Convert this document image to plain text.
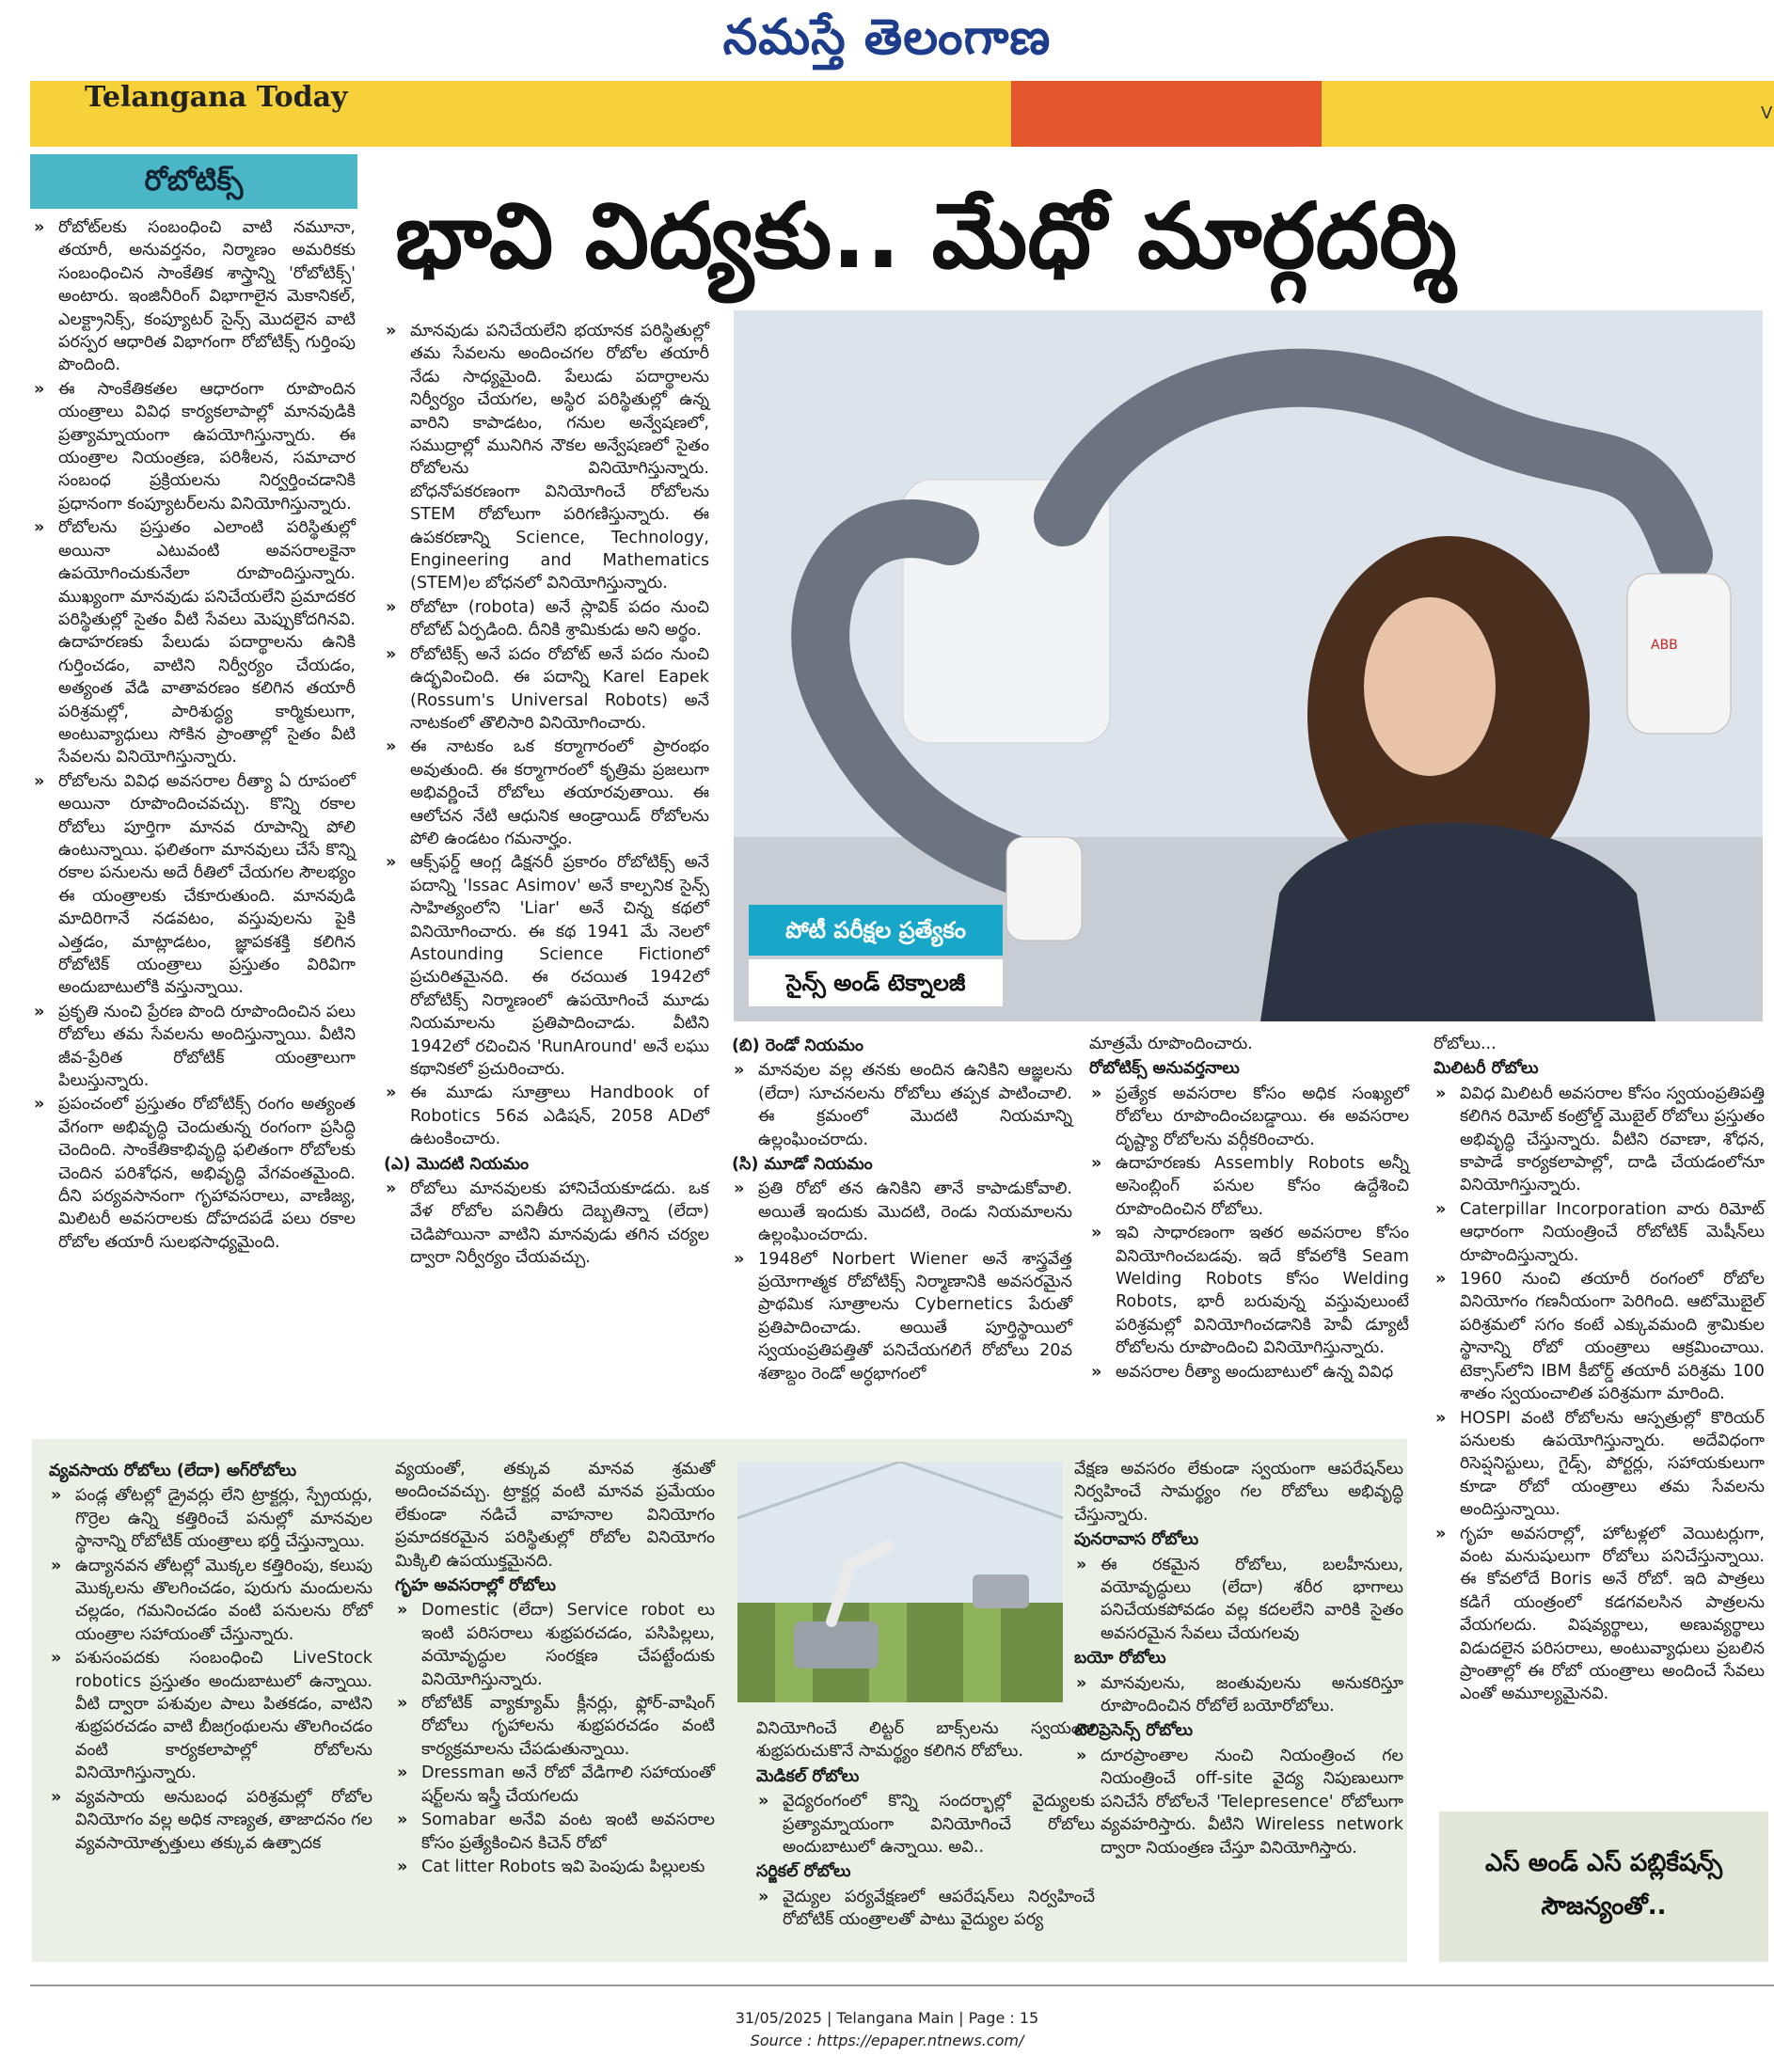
నమస్తే తెలంగాణ
Telangana Today	V
రోబోటిక్స్
భావి విద్యకు.. మేధో మార్గదర్శి
» రోబోట్‌లకు సంబంధించి వాటి నమూనా, తయారీ, అనువర్తనం, నిర్మాణం అమరికకు సంబంధించిన సాంకేతిక శాస్త్రాన్ని 'రోబోటిక్స్' అంటారు. ఇంజినీరింగ్ విభాగాలైన మెకానికల్, ఎలక్ట్రానిక్స్, కంప్యూటర్ సైన్స్ మొదలైన వాటి పరస్పర ఆధారిత విభాగంగా రోబోటిక్స్ గుర్తింపు పొందింది.
» ఈ సాంకేతికతల ఆధారంగా రూపొందిన యంత్రాలు వివిధ కార్యకలాపాల్లో మానవుడికి ప్రత్యామ్నాయంగా ఉపయోగిస్తున్నారు. ఈ యంత్రాల నియంత్రణ, పరిశీలన, సమాచార సంబంధ ప్రక్రియలను నిర్వర్తించడానికి ప్రధానంగా కంప్యూటర్‌లను వినియోగిస్తున్నారు.
» రోబోలను ప్రస్తుతం ఎలాంటి పరిస్థితుల్లో అయినా ఎటువంటి అవసరాలకైనా ఉపయోగించుకునేలా రూపొందిస్తున్నారు. ముఖ్యంగా మానవుడు పనిచేయలేని ప్రమాదకర పరిస్థితుల్లో సైతం వీటి సేవలు మెప్పుకోదగినవి. ఉదాహరణకు పేలుడు పదార్థాలను ఉనికి గుర్తించడం, వాటిని నిర్వీర్యం చేయడం, అత్యంత వేడి వాతావరణం కలిగిన తయారీ పరిశ్రమల్లో, పారిశుద్ధ్య కార్మికులుగా, అంటువ్యాధులు సోకిన ప్రాంతాల్లో సైతం వీటి సేవలను వినియోగిస్తున్నారు.
» రోబోలను వివిధ అవసరాల రీత్యా ఏ రూపంలో అయినా రూపొందించవచ్చు. కొన్ని రకాల రోబోలు పూర్తిగా మానవ రూపాన్ని పోలి ఉంటున్నాయి. ఫలితంగా మానవులు చేసే కొన్ని రకాల పనులను అదే రీతిలో చేయగల సౌలభ్యం ఈ యంత్రాలకు చేకూరుతుంది. మానవుడి మాదిరిగానే నడవటం, వస్తువులను పైకి ఎత్తడం, మాట్లాడటం, జ్ఞాపకశక్తి కలిగిన రోబోటిక్ యంత్రాలు ప్రస్తుతం విరివిగా అందుబాటులోకి వస్తున్నాయి.
» ప్రకృతి నుంచి ప్రేరణ పొంది రూపొందించిన పలు రోబోలు తమ సేవలను అందిస్తున్నాయి. వీటిని జీవ-ప్రేరిత రోబోటిక్ యంత్రాలుగా పిలుస్తున్నారు.
» ప్రపంచంలో ప్రస్తుతం రోబోటిక్స్ రంగం అత్యంత వేగంగా అభివృద్ధి చెందుతున్న రంగంగా ప్రసిద్ధి చెందింది. సాంకేతికాభివృద్ధి ఫలితంగా రోబోలకు చెందిన పరిశోధన, అభివృద్ధి వేగవంతమైంది. దీని పర్యవసానంగా గృహావసరాలు, వాణిజ్య, మిలిటరీ అవసరాలకు దోహదపడే పలు రకాల రోబోల తయారీ సులభసాధ్యమైంది.
» మానవుడు పనిచేయలేని భయానక పరిస్థితుల్లో తమ సేవలను అందించగల రోబోల తయారీ నేడు సాధ్యమైంది. పేలుడు పదార్థాలను నిర్వీర్యం చేయగల, అస్థిర పరిస్థితుల్లో ఉన్న వారిని కాపాడటం, గనుల అన్వేషణలో, సముద్రాల్లో మునిగిన నౌకల అన్వేషణలో సైతం రోబోలను వినియోగిస్తున్నారు. బోధనోపకరణంగా వినియోగించే రోబోలను STEM రోబోలుగా పరిగణిస్తున్నారు. ఈ ఉపకరణాన్ని Science, Technology, Engineering and Mathematics (STEM)ల బోధనలో వినియోగిస్తున్నారు.
» రోబోటా (robota) అనే స్లావిక్ పదం నుంచి రోబోట్ ఏర్పడింది. దీనికి శ్రామికుడు అని అర్థం.
» రోబోటిక్స్ అనే పదం రోబోట్ అనే పదం నుంచి ఉద్భవించింది. ఈ పదాన్ని Karel Eapek (Rossum's Universal Robots) అనే నాటకంలో తొలిసారి వినియోగించారు.
» ఈ నాటకం ఒక కర్మాగారంలో ప్రారంభం అవుతుంది. ఈ కర్మాగారంలో కృత్రిమ ప్రజలుగా అభివర్ణించే రోబోలు తయారవుతాయి. ఈ ఆలోచన నేటి ఆధునిక ఆండ్రాయిడ్ రోబోలను పోలి ఉండటం గమనార్హం.
» ఆక్స్‌ఫర్డ్ ఆంగ్ల డిక్షనరీ ప్రకారం రోబోటిక్స్ అనే పదాన్ని 'Issac Asimov' అనే కాల్పనిక సైన్స్ సాహిత్యంలోని 'Liar' అనే చిన్న కథలో వినియోగించారు. ఈ కథ 1941 మే నెలలో Astounding Science Fictionలో ప్రచురితమైనది. ఈ రచయిత 1942లో రోబోటిక్స్ నిర్మాణంలో ఉపయోగించే మూడు నియమాలను ప్రతిపాదించాడు. వీటిని 1942లో రచించిన 'RunAround' అనే లఘు కథానికలో ప్రచురించారు.
» ఈ మూడు సూత్రాలు Handbook of Robotics 56వ ఎడిషన్, 2058 ADలో ఉటంకించారు.
(ఎ) మొదటి నియమం
» రోబోలు మానవులకు హానిచేయకూడదు. ఒక వేళ రోబోల పనితీరు దెబ్బతిన్నా (లేదా) చెడిపోయినా వాటిని మానవుడు తగిన చర్యల ద్వారా నిర్వీర్యం చేయవచ్చు.
ABB
పోటీ పరీక్షల ప్రత్యేకం
సైన్స్ అండ్ టెక్నాలజీ
(బి) రెండో నియమం
» మానవుల వల్ల తనకు అందిన ఉనికిని ఆజ్ఞలను (లేదా) సూచనలను రోబోలు తప్పక పాటించాలి. ఈ క్రమంలో మొదటి నియమాన్ని ఉల్లంఘించరాదు.
(సి) మూడో నియమం
» ప్రతి రోబో తన ఉనికిని తానే కాపాడుకోవాలి. అయితే ఇందుకు మొదటి, రెండు నియమాలను ఉల్లంఘించరాదు.
» 1948లో Norbert Wiener అనే శాస్త్రవేత్త ప్రయోగాత్మక రోబోటిక్స్ నిర్మాణానికి అవసరమైన ప్రాథమిక సూత్రాలను Cybernetics పేరుతో ప్రతిపాదించాడు. అయితే పూర్తిస్థాయిలో స్వయంప్రతిపత్తితో పనిచేయగలిగే రోబోలు 20వ శతాబ్దం రెండో అర్ధభాగంలో
మాత్రమే రూపొందించారు.
రోబోటిక్స్ అనువర్తనాలు
» ప్రత్యేక అవసరాల కోసం అధిక సంఖ్యలో రోబోలు రూపొందించబడ్డాయి. ఈ అవసరాల దృష్ట్యా రోబోలను వర్గీకరించారు.
» ఉదాహరణకు Assembly Robots అన్నీ అసెంబ్లింగ్ పనుల కోసం ఉద్దేశించి రూపొందించిన రోబోలు.
» ఇవి సాధారణంగా ఇతర అవసరాల కోసం వినియోగించబడవు. ఇదే కోవలోకి Seam Welding Robots కోసం Welding Robots, భారీ బరువున్న వస్తువులుంటే పరిశ్రమల్లో వినియోగించడానికి హెవీ డ్యూటీ రోబోలను రూపొందించి వినియోగిస్తున్నారు.
» అవసరాల రీత్యా అందుబాటులో ఉన్న వివిధ
రోబోలు...
మిలిటరీ రోబోలు
» వివిధ మిలిటరీ అవసరాల కోసం స్వయంప్రతిపత్తి కలిగిన రిమోట్ కంట్రోల్డ్ మొబైల్ రోబోలు ప్రస్తుతం అభివృద్ధి చేస్తున్నారు. వీటిని రవాణా, శోధన, కాపాడే కార్యకలాపాల్లో, దాడి చేయడంలోనూ వినియోగిస్తున్నారు.
» Caterpillar Incorporation వారు రిమోట్ ఆధారంగా నియంత్రించే రోబోటిక్ మెషీన్‌లు రూపొందిస్తున్నారు.
» 1960 నుంచి తయారీ రంగంలో రోబోల వినియోగం గణనీయంగా పెరిగింది. ఆటోమొబైల్ పరిశ్రమలో సగం కంటే ఎక్కువమంది శ్రామికుల స్థానాన్ని రోబో యంత్రాలు ఆక్రమించాయి. టెక్సాస్‌లోని IBM కీబోర్డ్ తయారీ పరిశ్రమ 100 శాతం స్వయంచాలిత పరిశ్రమగా మారింది.
» HOSPI వంటి రోబోలను ఆస్పత్రుల్లో కొరియర్ పనులకు ఉపయోగిస్తున్నారు. అదేవిధంగా రిసెప్షనిస్టులు, గైడ్స్, పోర్టర్లు, సహాయకులుగా కూడా రోబో యంత్రాలు తమ సేవలను అందిస్తున్నాయి.
» గృహ అవసరాల్లో, హోటళ్లలో వెయిటర్లుగా, వంట మనుషులుగా రోబోలు పనిచేస్తున్నాయి. ఈ కోవలోదే Boris అనే రోబో. ఇది పాత్రలు కడిగే యంత్రంలో కడగవలసిన పాత్రలను వేయగలదు. విషవ్యర్థాలు, అణువ్యర్థాలు విడుదలైన పరిసరాలు, అంటువ్యాధులు ప్రబలిన ప్రాంతాల్లో ఈ రోబో యంత్రాలు అందించే సేవలు ఎంతో అమూల్యమైనవి.
వ్యవసాయ రోబోలు (లేదా) అగ్‌రోబోలు
» పండ్ల తోటల్లో డ్రైవర్లు లేని ట్రాక్టర్లు, స్ప్రేయర్లు, గొర్రెల ఉన్ని కత్తిరించే పనుల్లో మానవుల స్థానాన్ని రోబోటిక్ యంత్రాలు భర్తీ చేస్తున్నాయి.
» ఉద్యానవన తోటల్లో మొక్కల కత్తిరింపు, కలుపు మొక్కలను తొలగించడం, పురుగు మందులను చల్లడం, గమనించడం వంటి పనులను రోబో యంత్రాల సహాయంతో చేస్తున్నారు.
» పశుసంపదకు సంబంధించి LiveStock robotics ప్రస్తుతం అందుబాటులో ఉన్నాయి. వీటి ద్వారా పశువుల పాలు పితకడం, వాటిని శుభ్రపరచడం వాటి బీజగ్రంథులను తొలగించడం వంటి కార్యకలాపాల్లో రోబోలను వినియోగిస్తున్నారు.
» వ్యవసాయ అనుబంధ పరిశ్రమల్లో రోబోల వినియోగం వల్ల అధిక నాణ్యత, తాజాదనం గల వ్యవసాయోత్పత్తులు తక్కువ ఉత్పాదక
వ్యయంతో, తక్కువ మానవ శ్రమతో అందించవచ్చు. ట్రాక్టర్ల వంటి మానవ ప్రమేయం లేకుండా నడిచే వాహనాల వినియోగం ప్రమాదకరమైన పరిస్థితుల్లో రోబోల వినియోగం మిక్కిలి ఉపయుక్తమైనది.
గృహ అవసరాల్లో రోబోలు
» Domestic (లేదా) Service robot లు ఇంటి పరిసరాలు శుభ్రపరచడం, పసిపిల్లలు, వయోవృద్ధుల సంరక్షణ చేపట్టేందుకు వినియోగిస్తున్నారు.
» రోబోటిక్ వ్యాక్యూమ్ క్లీనర్లు, ఫ్లోర్-వాషింగ్ రోబోలు గృహాలను శుభ్రపరచడం వంటి కార్యక్రమాలను చేపడుతున్నాయి.
» Dressman అనే రోబో వేడిగాలి సహాయంతో షర్ట్‌లను ఇస్త్రీ చేయగలదు
» Somabar అనేవి వంట ఇంటి అవసరాల కోసం ప్రత్యేకించిన కిచెన్ రోబో
» Cat litter Robots ఇవి పెంపుడు పిల్లులకు
వినియోగించే లిట్టర్ బాక్స్‌లను స్వయంగా శుభ్రపరుచుకొనే సామర్థ్యం కలిగిన రోబోలు.
మెడికల్ రోబోలు
» వైద్యరంగంలో కొన్ని సందర్భాల్లో వైద్యులకు ప్రత్యామ్నాయంగా వినియోగించే రోబోలు అందుబాటులో ఉన్నాయి. అవి..
సర్జికల్ రోబోలు
» వైద్యుల పర్యవేక్షణలో ఆపరేషన్‌లు నిర్వహించే రోబోటిక్ యంత్రాలతో పాటు వైద్యుల పర్య
వేక్షణ అవసరం లేకుండా స్వయంగా ఆపరేషన్‌లు నిర్వహించే సామర్థ్యం గల రోబోలు అభివృద్ధి చేస్తున్నారు.
పునరావాస రోబోలు
» ఈ రకమైన రోబోలు, బలహీనులు, వయోవృద్ధులు (లేదా) శరీర భాగాలు పనిచేయకపోవడం వల్ల కదలలేని వారికి సైతం అవసరమైన సేవలు చేయగలవు
బయో రోబోలు
» మానవులను, జంతువులను అనుకరిస్తూ రూపొందించిన రోబోలే బయోరోబోలు.
టెలిప్రెసెన్స్ రోబోలు
» దూరప్రాంతాల నుంచి నియంత్రించ గల నియంత్రించే off-site వైద్య నిపుణులుగా పనిచేసే రోబోలనే 'Telepresence' రోబోలుగా వ్యవహరిస్తారు. వీటిని Wireless network ద్వారా నియంత్రణ చేస్తూ వినియోగిస్తారు.
ఎస్ అండ్ ఎస్ పబ్లికేషన్స్
సౌజన్యంతో..
31/05/2025 | Telangana Main | Page : 15
Source : https://epaper.ntnews.com/
